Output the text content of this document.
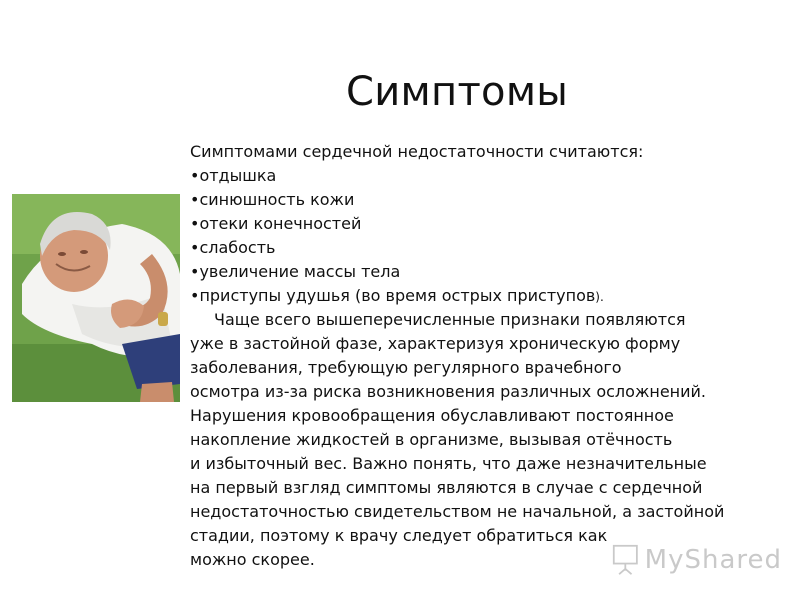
Симптомы
Симптомами сердечной недостаточности считаются:
•отдышка
•синюшность кожи
•отеки конечностей
•слабость
•увеличение массы тела
•приступы удушья (во время острых приступов).
Чаще всего вышеперечисленные признаки появляются
уже в застойной фазе, характеризуя хроническую форму
заболевания, требующую регулярного врачебного
осмотра из-за риска возникновения различных осложнений.
Нарушения кровообращения обуславливают постоянное
накопление жидкостей в организме, вызывая отёчность
и избыточный вес. Важно понять, что даже незначительные
на первый взгляд симптомы являются в случае с сердечной
недостаточностью свидетельством не начальной, а застойной
стадии, поэтому к врачу следует обратиться как
можно скорее.	MyShared
